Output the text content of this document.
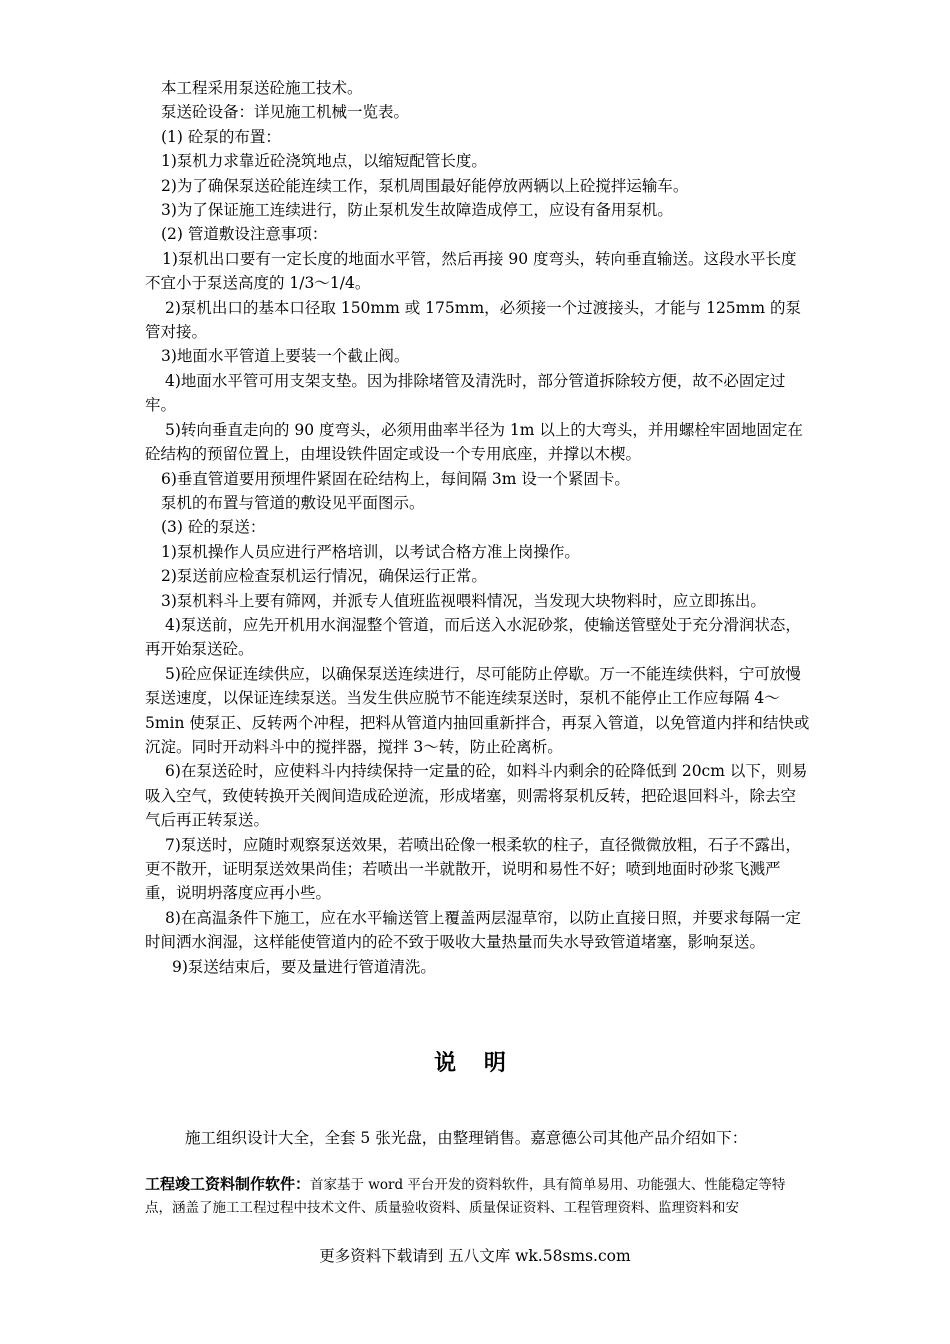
本工程采用泵送砼施工技术。

泵送砼设备：详见施工机械一览表。

(1) 砼泵的布置：

1)泵机力求靠近砼浇筑地点，以缩短配管长度。

2)为了确保泵送砼能连续工作，泵机周围最好能停放两辆以上砼搅拌运输车。

3)为了保证施工连续进行，防止泵机发生故障造成停工，应设有备用泵机。

(2) 管道敷设注意事项：

1)泵机出口要有一定长度的地面水平管，然后再接 90 度弯头，转向垂直输送。这段水平长度不宜小于泵送高度的 1/3～1/4。

2)泵机出口的基本口径取 150mm 或 175mm，必须接一个过渡接头，才能与 125mm 的泵管对接。

3)地面水平管道上要装一个截止阀。

4)地面水平管可用支架支垫。因为排除堵管及清洗时，部分管道拆除较方便，故不必固定过牢。

5)转向垂直走向的 90 度弯头，必须用曲率半径为 1m 以上的大弯头，并用螺栓牢固地固定在砼结构的预留位置上，由埋设铁件固定或设一个专用底座，并撑以木楔。

6)垂直管道要用预埋件紧固在砼结构上，每间隔 3m 设一个紧固卡。

泵机的布置与管道的敷设见平面图示。

(3) 砼的泵送：

1)泵机操作人员应进行严格培训，以考试合格方准上岗操作。

2)泵送前应检查泵机运行情况，确保运行正常。

3)泵机料斗上要有筛网，并派专人值班监视喂料情况，当发现大块物料时，应立即拣出。

4)泵送前，应先开机用水润湿整个管道，而后送入水泥砂浆，使输送管壁处于充分滑润状态，再开始泵送砼。

5)砼应保证连续供应，以确保泵送连续进行，尽可能防止停歇。万一不能连续供料，宁可放慢泵送速度，以保证连续泵送。当发生供应脱节不能连续泵送时，泵机不能停止工作应每隔 4～5min 使泵正、反转两个冲程，把料从管道内抽回重新拌合，再泵入管道，以免管道内拌和结快或沉淀。同时开动料斗中的搅拌器，搅拌 3～转，防止砼离析。

6)在泵送砼时，应使料斗内持续保持一定量的砼，如料斗内剩余的砼降低到 20cm 以下，则易吸入空气，致使转换开关阀间造成砼逆流，形成堵塞，则需将泵机反转，把砼退回料斗，除去空气后再正转泵送。

7)泵送时，应随时观察泵送效果，若喷出砼像一根柔软的柱子，直径微微放粗，石子不露出，更不散开，证明泵送效果尚佳；若喷出一半就散开，说明和易性不好；喷到地面时砂浆飞溅严重，说明坍落度应再小些。

8)在高温条件下施工，应在水平输送管上覆盖两层湿草帘，以防止直接日照，并要求每隔一定时间洒水润湿，这样能使管道内的砼不致于吸收大量热量而失水导致管道堵塞，影响泵送。

9)泵送结束后，要及量进行管道清洗。

说 明
施工组织设计大全，全套 5 张光盘，由整理销售。嘉意德公司其他产品介绍如下：
工程竣工资料制作软件：首家基于 word 平台开发的资料软件，具有简单易用、功能强大、性能稳定等特点，涵盖了施工工程过程中技术文件、质量验收资料、质量保证资料、工程管理资料、监理资料和安
更多资料下载请到 五八文库 wk.58sms.com
